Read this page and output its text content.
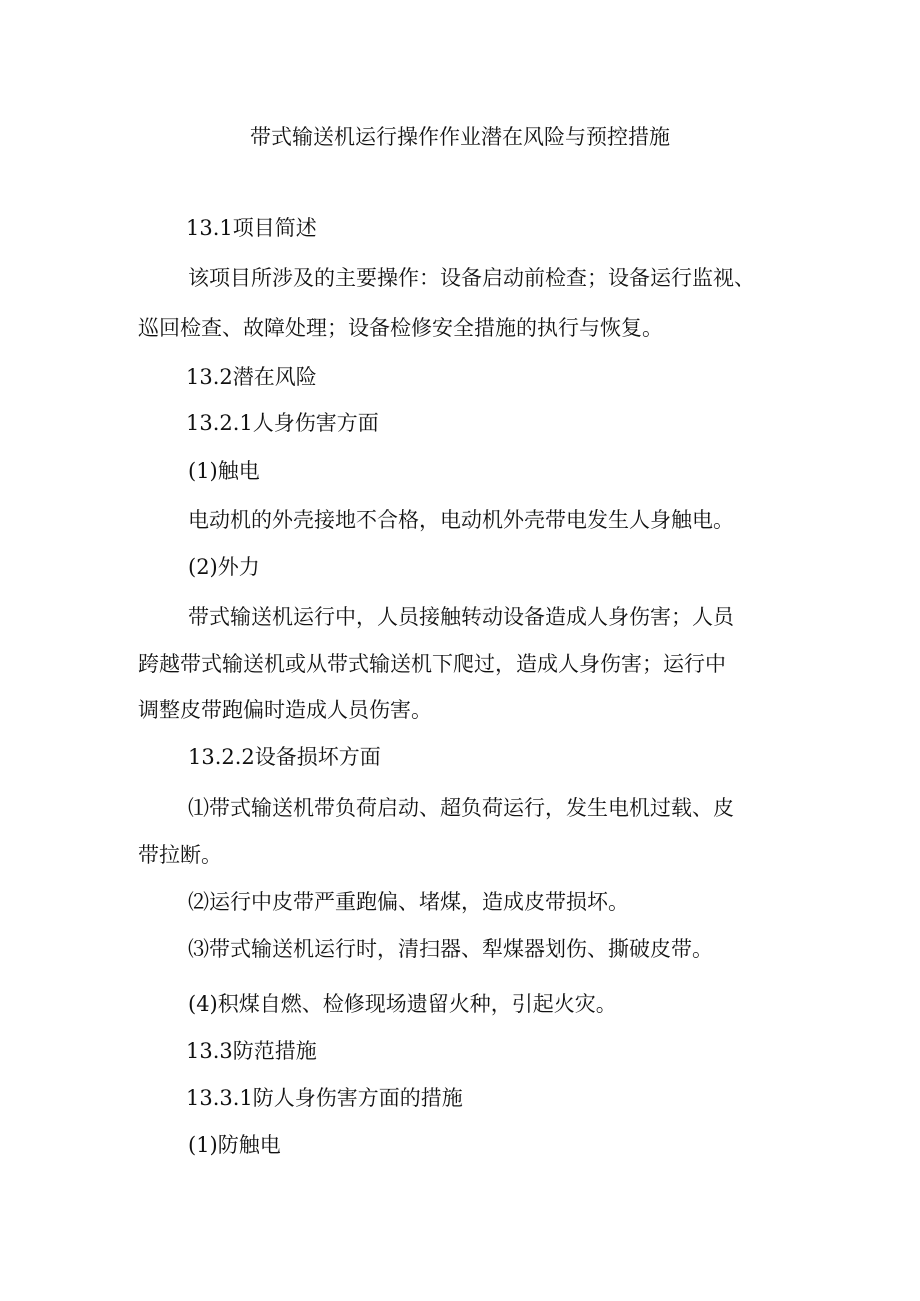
带式输送机运行操作作业潜在风险与预控措施
13.1项目简述
该项目所涉及的主要操作：设备启动前检查；设备运行监视、
巡回检查、故障处理；设备检修安全措施的执行与恢复。
13.2潜在风险
13.2.1人身伤害方面
(1)触电
电动机的外壳接地不合格，电动机外壳带电发生人身触电。
(2)外力
带式输送机运行中，人员接触转动设备造成人身伤害；人员
跨越带式输送机或从带式输送机下爬过，造成人身伤害；运行中
调整皮带跑偏时造成人员伤害。
13.2.2设备损坏方面
⑴带式输送机带负荷启动、超负荷运行，发生电机过载、皮
带拉断。
⑵运行中皮带严重跑偏、堵煤，造成皮带损坏。
⑶带式输送机运行时，清扫器、犁煤器划伤、撕破皮带。
(4)积煤自燃、检修现场遗留火种，引起火灾。
13.3防范措施
13.3.1防人身伤害方面的措施
(1)防触电
